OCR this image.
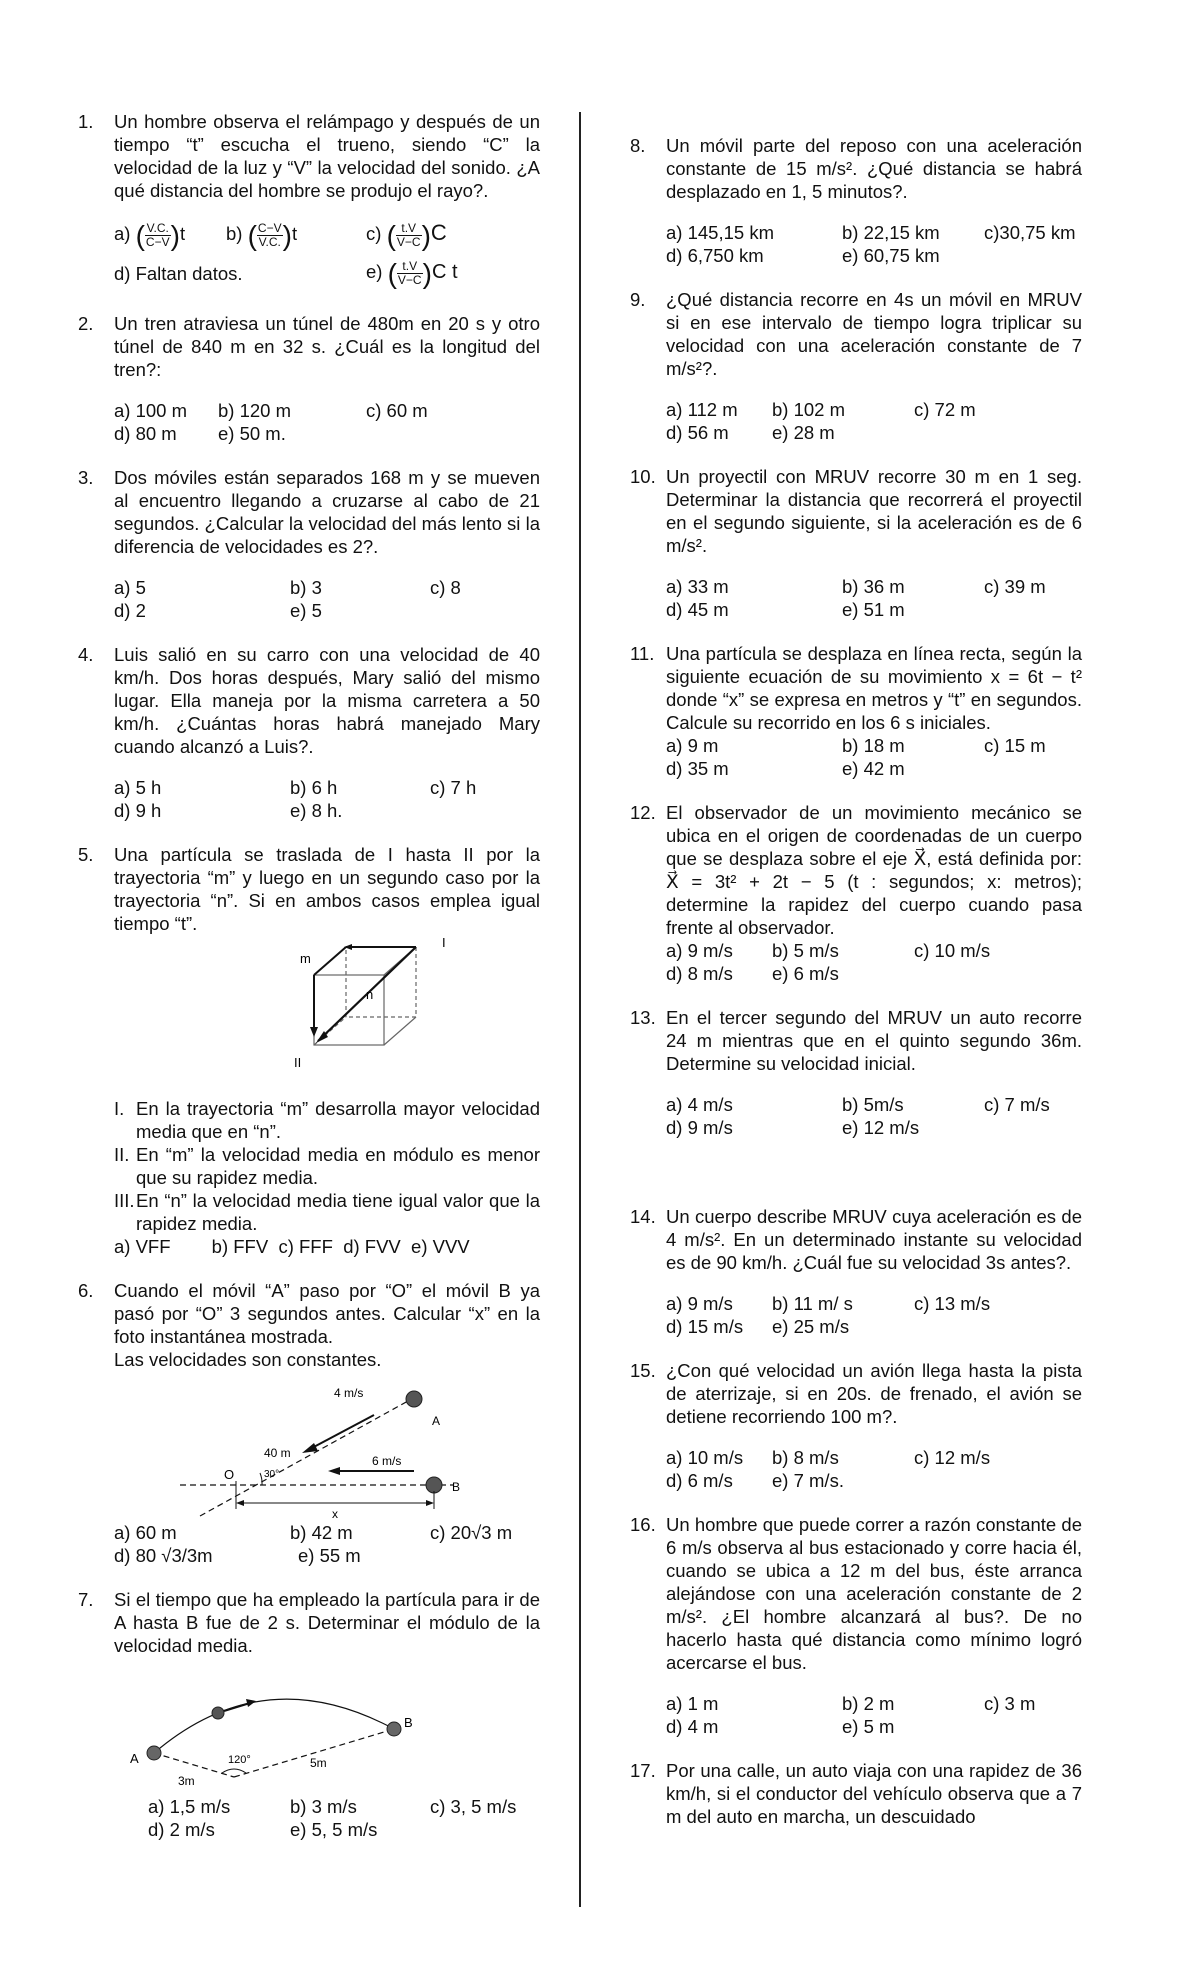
1. Un hombre observa el relámpago y después de un tiempo “t” escucha el trueno, siendo “C” la velocidad de la luz y “V” la velocidad del sonido. ¿A qué distancia del hombre se produjo el rayo?.
a) ( $\frac{V.C.}{C-V} )t$	b) ( $\frac{C-V}{V.C.} )t$	c) ( $\frac{t.V}{V-C} )C$
d) Faltan datos.	e) ( $\frac{t.V}{V-C} )C$ t
2. Un tren atraviesa un túnel de 480m en 20 s y otro túnel de 840 m en 32 s. ¿Cuál es la longitud del tren?:
a) 100 m	b) 120 m	c) 60 m
d) 80 m	e) 50 m.
3. Dos móviles están separados 168 m y se mueven al encuentro llegando a cruzarse al cabo de 21 segundos. ¿Calcular la velocidad del más lento si la diferencia de velocidades es 2?.
a) 5	b) 3	c) 8
d) 2	e) 5
4. Luis salió en su carro con una velocidad de 40 km/h. Dos horas después, Mary salió del mismo lugar. Ella maneja por la misma carretera a 50 km/h. ¿Cuántas horas habrá manejado Mary cuando alcanzó a Luis?.
a) 5 h	b) 6 h	c) 7 h
d) 9 h	e) 8 h.
5. Una partícula se traslada de I hasta II por la trayectoria “m” y luego en un segundo caso por la trayectoria “n”. Si en ambos casos emplea igual tiempo “t”.
m
n
I
II
I. En la trayectoria “m” desarrolla mayor velocidad media que en “n”.
II. En “m” la velocidad media en módulo es menor que su rapidez media.
III. En “n” la velocidad media tiene igual valor que la rapidez media.
a) VFF        b) FFV  c) FFF  d) FVV  e) VVV
6. Cuando el móvil “A” paso por “O” el móvil B ya pasó por “O” 3 segundos antes. Calcular “x” en la foto instantánea mostrada.
Las velocidades son constantes.
4 m/s
A
40 m
O	30°
6 m/s
B
x
a) 60 m	b) 42 m	c) 20√3 m
d) 80 √3/3m	e) 55 m
7. Si el tiempo que ha empleado la partícula para ir de A hasta B fue de 2 s. Determinar el módulo de la velocidad media.
A
B
3m
120°	5m
a) 1,5 m/s	b) 3 m/s	c) 3, 5 m/s
d) 2 m/s	e) 5, 5 m/s
8. Un móvil parte del reposo con una aceleración constante de 15 m/s². ¿Qué distancia se habrá desplazado en 1, 5 minutos?.
a) 145,15 km	b) 22,15 km	c)30,75 km
d) 6,750 km	e) 60,75 km
9. ¿Qué distancia recorre en 4s un móvil en MRUV si en ese intervalo de tiempo logra triplicar su velocidad con una aceleración constante de 7 m/s²?.
a) 112 m	b) 102 m	c) 72 m
d) 56 m	e) 28 m
10. Un proyectil con MRUV recorre 30 m en 1 seg. Determinar la distancia que recorrerá el proyectil en el segundo siguiente, si la aceleración es de 6 m/s².
a) 33 m	b) 36 m	c) 39 m
d) 45 m	e) 51 m
11. Una partícula se desplaza en línea recta, según la siguiente ecuación de su movimiento x = 6t − t² donde “x” se expresa en metros y “t” en segundos. Calcule su recorrido en los 6 s iniciales.
a) 9 m	b) 18 m	c) 15 m
d) 35 m	e) 42 m
12. El observador de un movimiento mecánico se ubica en el origen de coordenadas de un cuerpo que se desplaza sobre el eje X⃗, está definida por: X⃗ = 3t² + 2t − 5 (t : segundos; x: metros); determine la rapidez del cuerpo cuando pasa frente al observador.
a) 9 m/s	b) 5 m/s	c) 10 m/s
d) 8 m/s	e) 6 m/s
13. En el tercer segundo del MRUV un auto recorre 24 m mientras que en el quinto segundo 36m. Determine su velocidad inicial.
a) 4 m/s	b) 5m/s	c) 7 m/s
d) 9 m/s	e) 12 m/s
14. Un cuerpo describe MRUV cuya aceleración es de 4 m/s². En un determinado instante su velocidad es de 90 km/h. ¿Cuál fue su velocidad 3s antes?.
a) 9 m/s	b) 11 m/ s	c) 13 m/s
d) 15 m/s	e) 25 m/s
15. ¿Con qué velocidad un avión llega hasta la pista de aterrizaje, si en 20s. de frenado, el avión se detiene recorriendo 100 m?.
a) 10 m/s	b) 8 m/s	c) 12 m/s
d) 6 m/s	e) 7 m/s.
16. Un hombre que puede correr a razón constante de 6 m/s observa al bus estacionado y corre hacia él, cuando se ubica a 12 m del bus, éste arranca alejándose con una aceleración constante de 2 m/s². ¿El hombre alcanzará al bus?. De no hacerlo hasta qué distancia como mínimo logró acercarse el bus.
a) 1 m	b) 2 m	c) 3 m
d) 4 m	e) 5 m
17. Por una calle, un auto viaja con una rapidez de 36 km/h, si el conductor del vehículo observa que a 7 m del auto en marcha, un descuidado
